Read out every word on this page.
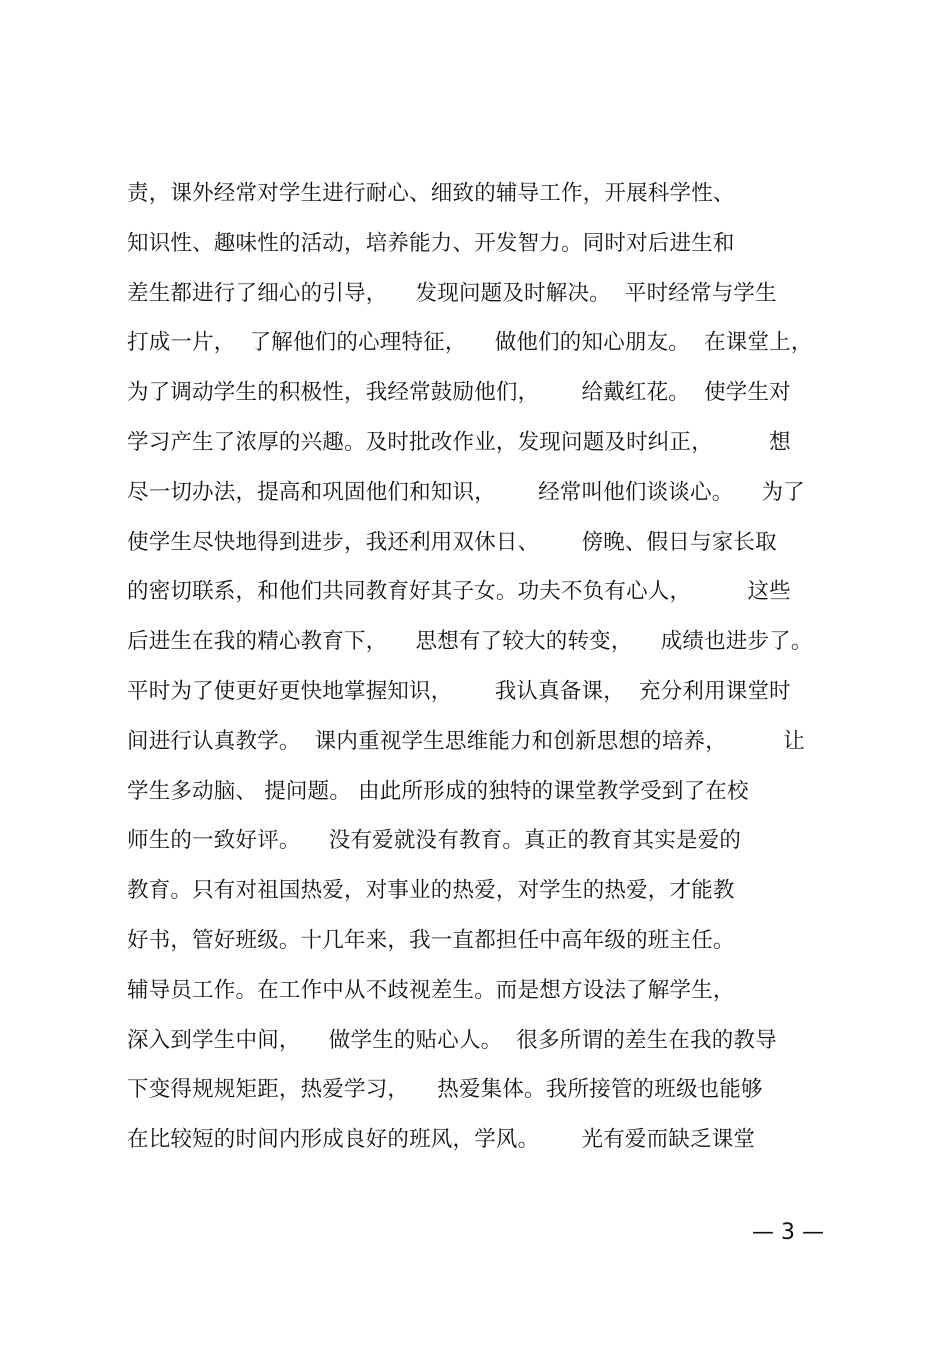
责，课外经常对学生进行耐心、细致的辅导工作，开展科学性、
知识性、趣味性的活动，培养能力、开发智力。同时对后进生和
差生都进行了细心的引导，    发现问题及时解决。  平时经常与学生
打成一片，  了解他们的心理特征，    做他们的知心朋友。  在课堂上，
为了调动学生的积极性，我经常鼓励他们，      给戴红花。  使学生对
学习产生了浓厚的兴趣。及时批改作业，发现问题及时纠正，        想
尽一切办法，提高和巩固他们和知识，      经常叫他们谈谈心。    为了
使学生尽快地得到进步，我还利用双休日、      傍晚、假日与家长取
的密切联系，和他们共同教育好其子女。功夫不负有心人，        这些
后进生在我的精心教育下，    思想有了较大的转变，    成绩也进步了。
平时为了使更好更快地掌握知识，      我认真备课，  充分利用课堂时
间进行认真教学。  课内重视学生思维能力和创新思想的培养，        让
学生多动脑、 提问题。 由此所形成的独特的课堂教学受到了在校
师生的一致好评。    没有爱就没有教育。真正的教育其实是爱的
教育。只有对祖国热爱，对事业的热爱，对学生的热爱，才能教
好书，管好班级。十几年来，我一直都担任中高年级的班主任。
辅导员工作。在工作中从不歧视差生。而是想方设法了解学生，
深入到学生中间，    做学生的贴心人。  很多所谓的差生在我的教导
下变得规规矩距，热爱学习，    热爱集体。我所接管的班级也能够
在比较短的时间内形成良好的班风，学风。      光有爱而缺乏课堂
— 3 —
